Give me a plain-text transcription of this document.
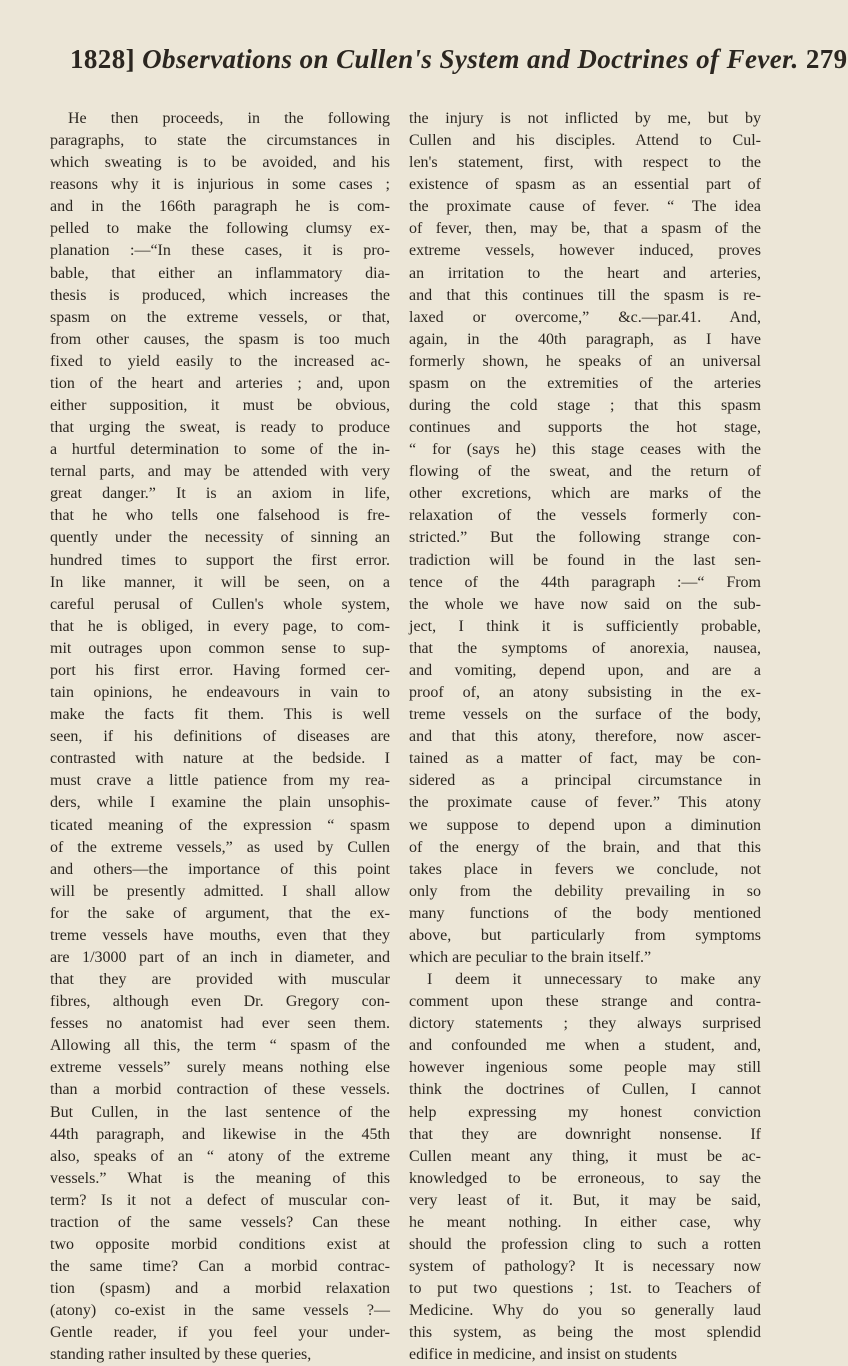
1828] Observations on Cullen's System and Doctrines of Fever. 279
He then proceeds, in the following
paragraphs, to state the circumstances in
which sweating is to be avoided, and his
reasons why it is injurious in some cases ;
and in the 166th paragraph he is com-
pelled to make the following clumsy ex-
planation :—“In these cases, it is pro-
bable, that either an inflammatory dia-
thesis is produced, which increases the
spasm on the extreme vessels, or that,
from other causes, the spasm is too much
fixed to yield easily to the increased ac-
tion of the heart and arteries ; and, upon
either supposition, it must be obvious,
that urging the sweat, is ready to produce
a hurtful determination to some of the in-
ternal parts, and may be attended with very
great danger.” It is an axiom in life,
that he who tells one falsehood is fre-
quently under the necessity of sinning an
hundred times to support the first error.
In like manner, it will be seen, on a
careful perusal of Cullen's whole system,
that he is obliged, in every page, to com-
mit outrages upon common sense to sup-
port his first error. Having formed cer-
tain opinions, he endeavours in vain to
make the facts fit them. This is well
seen, if his definitions of diseases are
contrasted with nature at the bedside. I
must crave a little patience from my rea-
ders, while I examine the plain unsophis-
ticated meaning of the expression “ spasm
of the extreme vessels,” as used by Cullen
and others—the importance of this point
will be presently admitted. I shall allow
for the sake of argument, that the ex-
treme vessels have mouths, even that they
are 1/3000 part of an inch in diameter, and
that they are provided with muscular
fibres, although even Dr. Gregory con-
fesses no anatomist had ever seen them.
Allowing all this, the term “ spasm of the
extreme vessels” surely means nothing else
than a morbid contraction of these vessels.
But Cullen, in the last sentence of the
44th paragraph, and likewise in the 45th
also, speaks of an “ atony of the extreme
vessels.” What is the meaning of this
term? Is it not a defect of muscular con-
traction of the same vessels? Can these
two opposite morbid conditions exist at
the same time? Can a morbid contrac-
tion (spasm) and a morbid relaxation
(atony) co-exist in the same vessels ?—
Gentle reader, if you feel your under-
standing rather insulted by these queries,
the injury is not inflicted by me, but by
Cullen and his disciples. Attend to Cul-
len's statement, first, with respect to the
existence of spasm as an essential part of
the proximate cause of fever. “ The idea
of fever, then, may be, that a spasm of the
extreme vessels, however induced, proves
an irritation to the heart and arteries,
and that this continues till the spasm is re-
laxed or overcome,” &c.—par.41. And,
again, in the 40th paragraph, as I have
formerly shown, he speaks of an universal
spasm on the extremities of the arteries
during the cold stage ; that this spasm
continues and supports the hot stage,
“ for (says he) this stage ceases with the
flowing of the sweat, and the return of
other excretions, which are marks of the
relaxation of the vessels formerly con-
stricted.” But the following strange con-
tradiction will be found in the last sen-
tence of the 44th paragraph :—“ From
the whole we have now said on the sub-
ject, I think it is sufficiently probable,
that the symptoms of anorexia, nausea,
and vomiting, depend upon, and are a
proof of, an atony subsisting in the ex-
treme vessels on the surface of the body,
and that this atony, therefore, now ascer-
tained as a matter of fact, may be con-
sidered as a principal circumstance in
the proximate cause of fever.” This atony
we suppose to depend upon a diminution
of the energy of the brain, and that this
takes place in fevers we conclude, not
only from the debility prevailing in so
many functions of the body mentioned
above, but particularly from symptoms
which are peculiar to the brain itself.”
I deem it unnecessary to make any
comment upon these strange and contra-
dictory statements ; they always surprised
and confounded me when a student, and,
however ingenious some people may still
think the doctrines of Cullen, I cannot
help expressing my honest conviction
that they are downright nonsense. If
Cullen meant any thing, it must be ac-
knowledged to be erroneous, to say the
very least of it. But, it may be said,
he meant nothing. In either case, why
should the profession cling to such a rotten
system of pathology? It is necessary now
to put two questions ; 1st. to Teachers of
Medicine. Why do you so generally laud
this system, as being the most splendid
edifice in medicine, and insist on students
